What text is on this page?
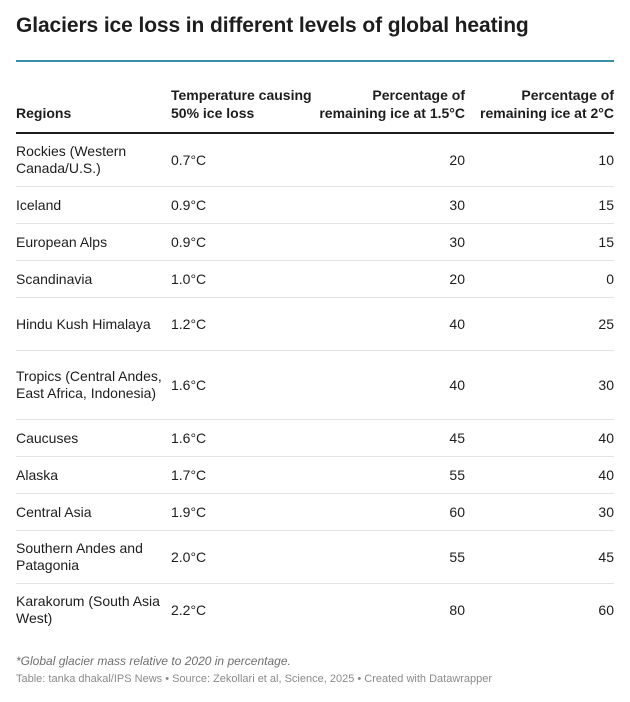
Glaciers ice loss in different levels of global heating
Regions	Temperature causing 50% ice loss	Percentage of remaining ice at 1.5°C	Percentage of remaining ice at 2°C
Rockies (Western Canada/U.S.)	0.7°C	20	10
Iceland	0.9°C	30	15
European Alps	0.9°C	30	15
Scandinavia	1.0°C	20	0
Hindu Kush Himalaya	1.2°C	40	25
Tropics (Central Andes, East Africa, Indonesia)	1.6°C	40	30
Caucuses	1.6°C	45	40
Alaska	1.7°C	55	40
Central Asia	1.9°C	60	30
Southern Andes and Patagonia	2.0°C	55	45
Karakorum (South Asia West)	2.2°C	80	60
*Global glacier mass relative to 2020 in percentage.
Table: tanka dhakal/IPS News • Source: Zekollari et al, Science, 2025 • Created with Datawrapper
